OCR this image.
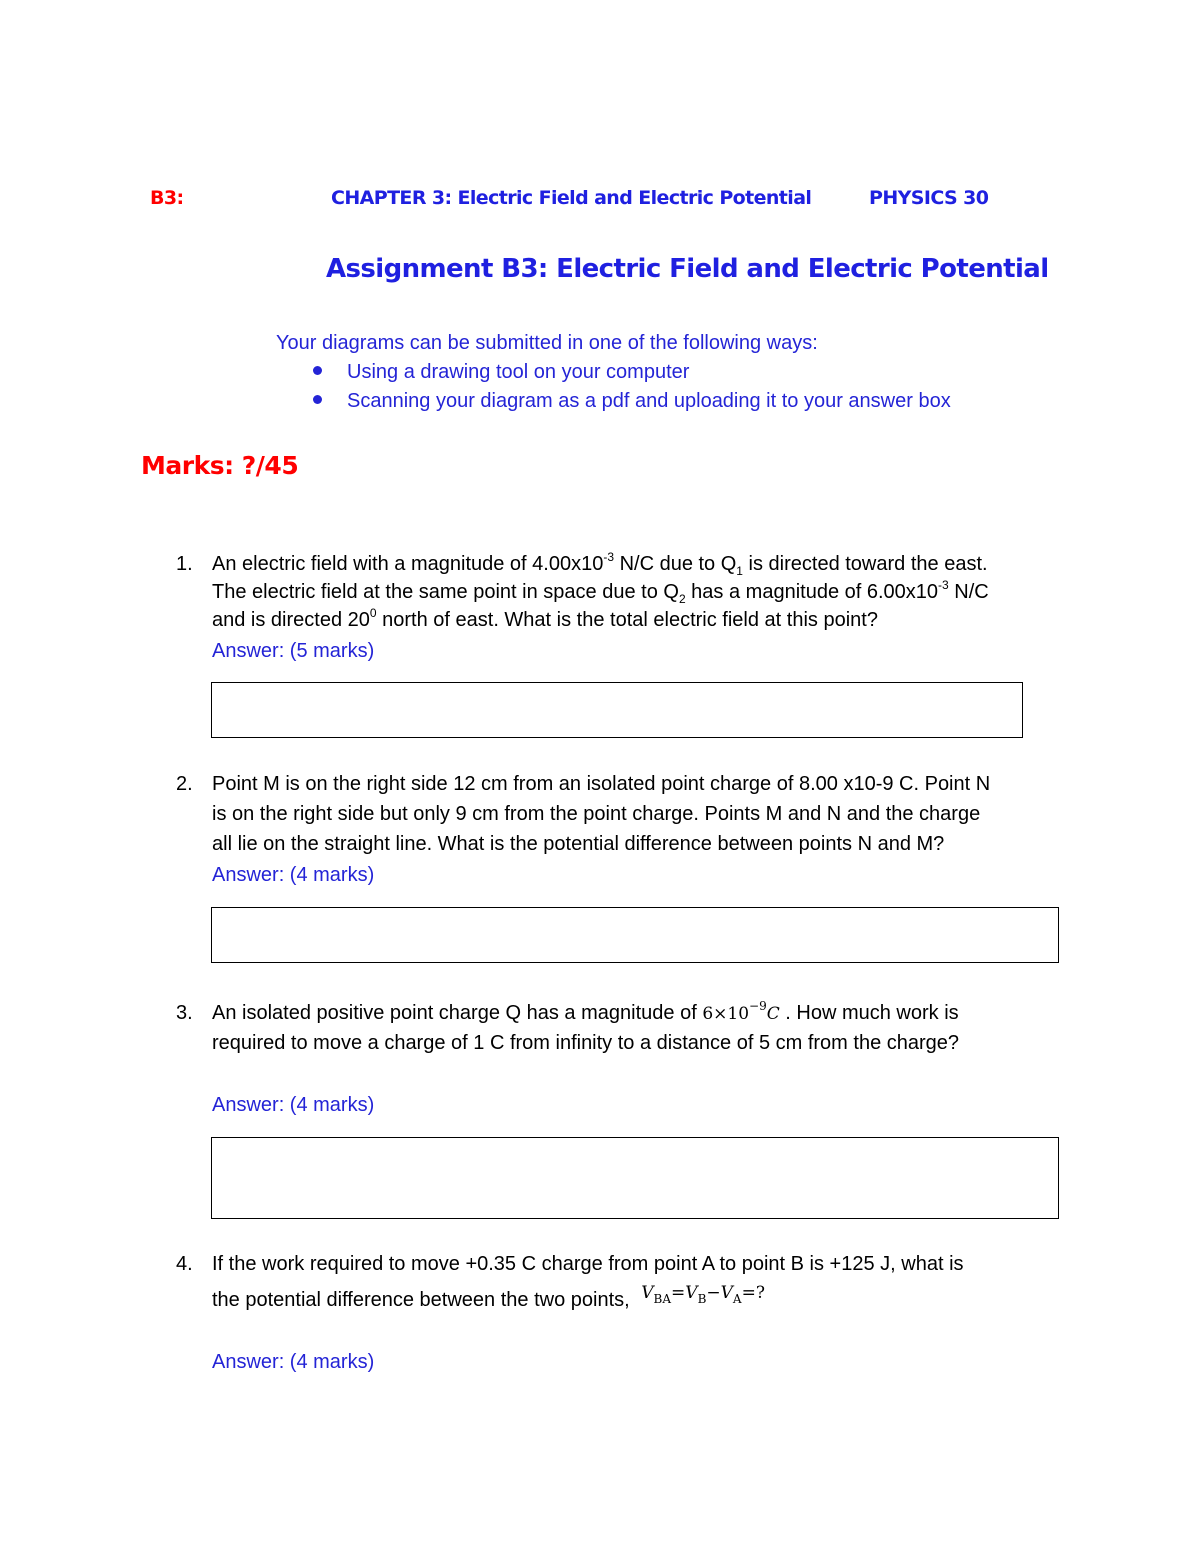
B3:	CHAPTER 3: Electric Field and Electric Potential	PHYSICS 30
Assignment B3: Electric Field and Electric Potential
Your diagrams can be submitted in one of the following ways:
Using a drawing tool on your computer
Scanning your diagram as a pdf and uploading it to your answer box
Marks: ?/45
1. An electric field with a magnitude of $4.00x10^{-3}$ N/C due to $Q_1$ is directed toward the east.
The electric field at the same point in space due to $Q_2$ has a magnitude of $6.00x10^{-3}$ N/C
and is directed $20^0$ north of east. What is the total electric field at this point?
Answer: (5 marks)
2. Point M is on the right side 12 cm from an isolated point charge of 8.00 x10-9 C. Point N
is on the right side but only 9 cm from the point charge. Points M and N and the charge
all lie on the straight line. What is the potential difference between points N and M?
Answer: (4 marks)
3. An isolated positive point charge Q has a magnitude of $6\times 10^{-9}C$ . How much work is
required to move a charge of 1 C from infinity to a distance of 5 cm from the charge?
Answer: (4 marks)
4. If the work required to move +0.35 C charge from point A to point B is +125 J, what is
the potential difference between the two points, $^{V_{BA}=V_B-V_A=?}$
Answer: (4 marks)
